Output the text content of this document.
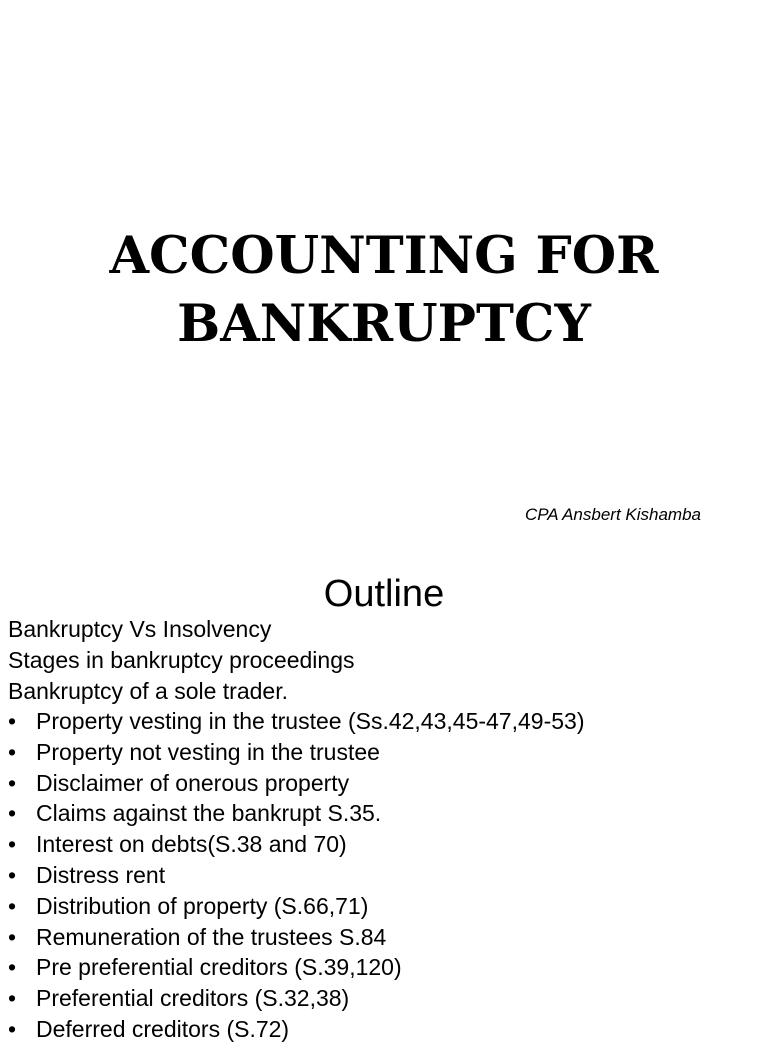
ACCOUNTING FOR
BANKRUPTCY
CPA Ansbert Kishamba
Outline
Bankruptcy Vs Insolvency
Stages in bankruptcy proceedings
Bankruptcy of a sole trader.
• Property vesting in the trustee (Ss.42,43,45-47,49-53)
• Property not vesting in the trustee
• Disclaimer of onerous property
• Claims against the bankrupt S.35.
• Interest on debts(S.38 and 70)
• Distress rent
• Distribution of property (S.66,71)
• Remuneration of the trustees S.84
• Pre preferential creditors (S.39,120)
• Preferential creditors (S.32,38)
• Deferred creditors (S.72)
